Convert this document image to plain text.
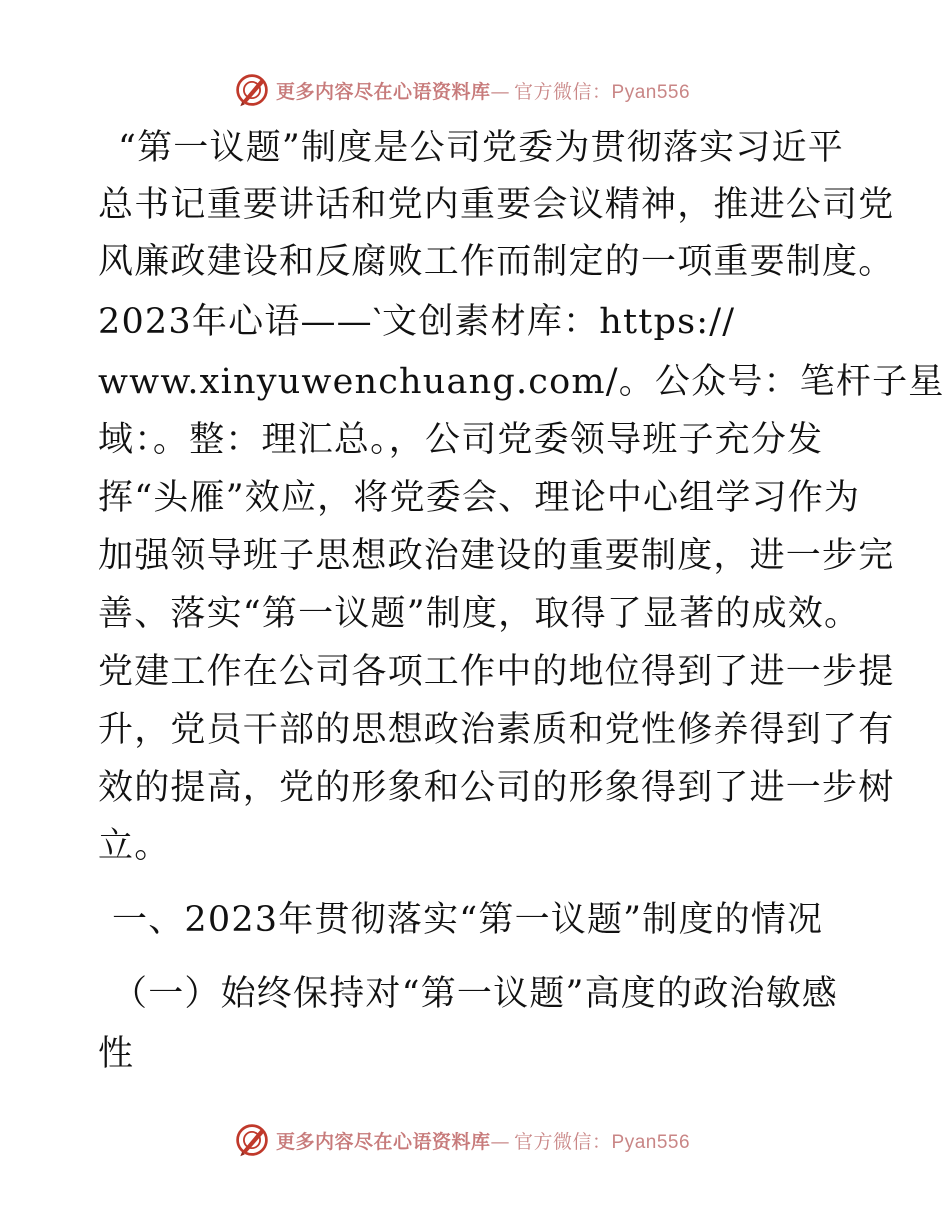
更多内容尽在心语资料库— 官方微信：Pyan556
“第一议题”制度是公司党委为贯彻落实习近平
总书记重要讲话和党内重要会议精神，推进公司党
风廉政建设和反腐败工作而制定的一项重要制度。
2023年心语——‵文创素材库：https://
www.xinyuwenchuang.com/。公众号：笔杆子星
域：。整：理汇总。，公司党委领导班子充分发
挥“头雁”效应，将党委会、理论中心组学习作为
加强领导班子思想政治建设的重要制度，进一步完
善、落实“第一议题”制度，取得了显著的成效。
党建工作在公司各项工作中的地位得到了进一步提
升，党员干部的思想政治素质和党性修养得到了有
效的提高，党的形象和公司的形象得到了进一步树
立。
一、2023年贯彻落实“第一议题”制度的情况
（一）始终保持对“第一议题”高度的政治敏感
性
更多内容尽在心语资料库— 官方微信：Pyan556
